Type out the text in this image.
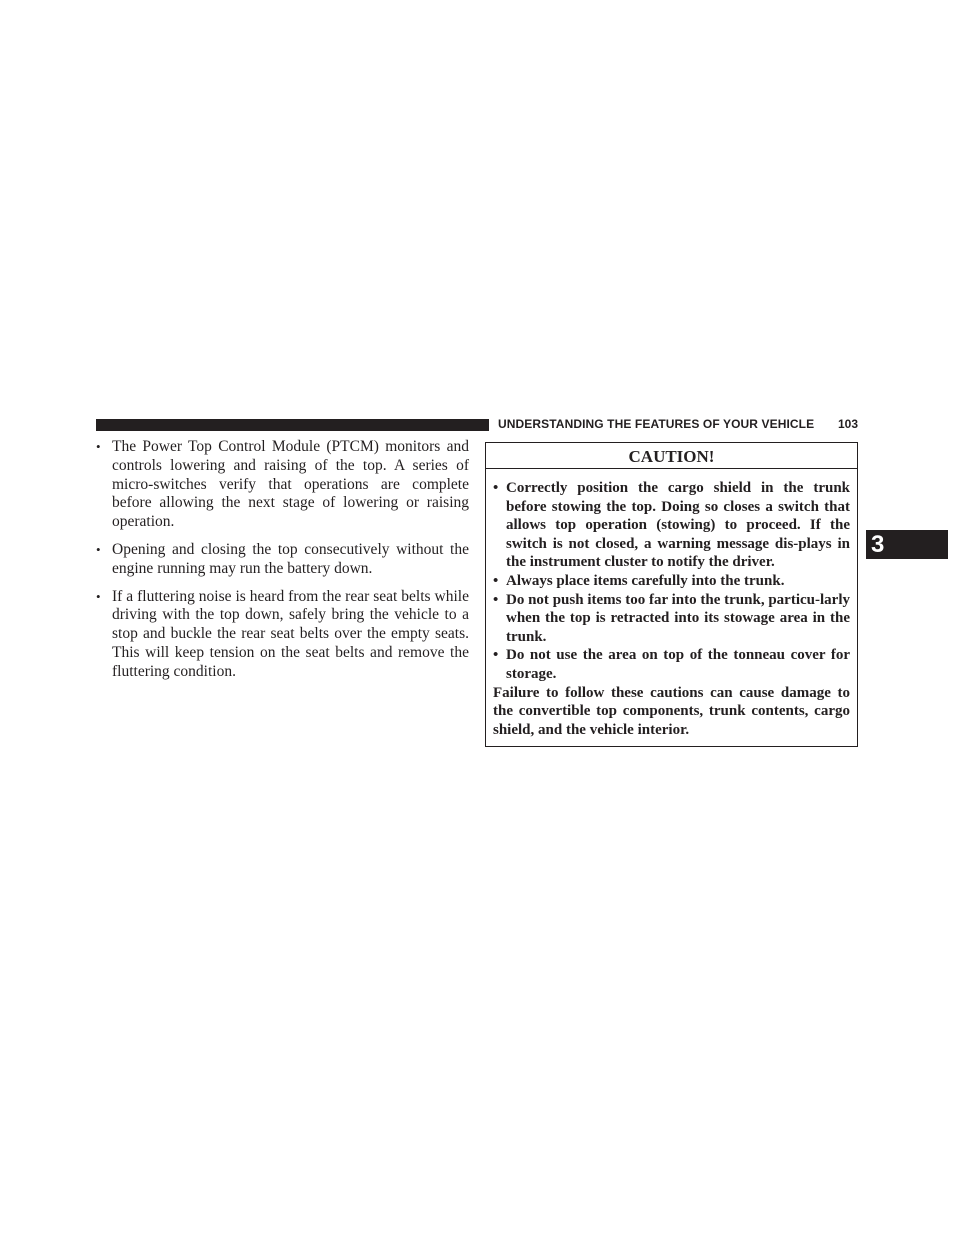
UNDERSTANDING THE FEATURES OF YOUR VEHICLE 103
• The Power Top Control Module (PTCM) monitors and controls lowering and raising of the top. A series of micro-switches verify that operations are complete before allowing the next stage of lowering or raising operation.
• Opening and closing the top consecutively without the engine running may run the battery down.
• If a fluttering noise is heard from the rear seat belts while driving with the top down, safely bring the vehicle to a stop and buckle the rear seat belts over the empty seats. This will keep tension on the seat belts and remove the fluttering condition.
CAUTION!
• Correctly position the cargo shield in the trunk before stowing the top. Doing so closes a switch that allows top operation (stowing) to proceed. If the switch is not closed, a warning message dis-plays in the instrument cluster to notify the driver.
• Always place items carefully into the trunk.
• Do not push items too far into the trunk, particu-larly when the top is retracted into its stowage area in the trunk.
• Do not use the area on top of the tonneau cover for storage.
Failure to follow these cautions can cause damage to the convertible top components, trunk contents, cargo shield, and the vehicle interior.
3
